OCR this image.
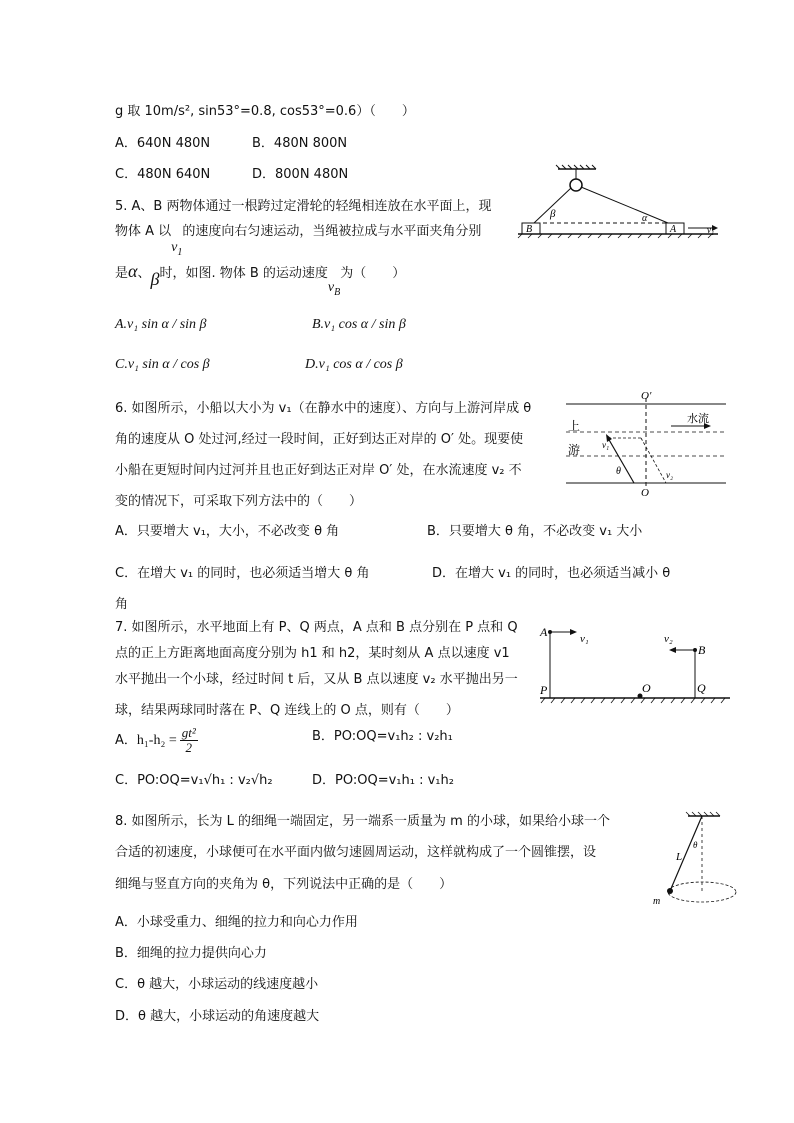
g 取 10m/s², sin53°=0.8, cos53°=0.6）（　　）
A．640N 480N	B．480N 800N
C．480N 640N	D．800N 480N
5. A、B 两物体通过一根跨过定滑轮的轻绳相连放在水平面上，现
物体 A 以$v_1$的速度向右匀速运动，当绳被拉成与水平面夹角分别
是α、β时，如图. 物体 B 的运动速度$v_B$为（　　）
A.v₁ sin α / sin β	B.v₁ cos α / sin β
C.v₁ sin α / cos β	D.v₁ cos α / cos β
B	A
β	α
v₁
6. 如图所示，小船以大小为 v₁（在静水中的速度）、方向与上游河岸成 θ
角的速度从 O 处过河,经过一段时间，正好到达正对岸的 O′ 处。现要使
小船在更短时间内过河并且也正好到达正对岸 O′ 处，在水流速度 v₂ 不
变的情况下，可采取下列方法中的（　　）
A．只要增大 v₁，大小，不必改变 θ 角	B．只要增大 θ 角，不必改变 v₁ 大小
C．在增大 v₁ 的同时，也必须适当增大 θ 角	D．在增大 v₁ 的同时，也必须适当减小 θ
角
O′
水流
上
游 v₁
v₂
θ
O
7. 如图所示，水平地面上有 P、Q 两点，A 点和 B 点分别在 P 点和 Q
点的正上方距离地面高度分别为 h1 和 h2，某时刻从 A 点以速度 v1
水平抛出一个小球，经过时间 t 后，又从 B 点以速度 v₂ 水平抛出另一
球，结果两球同时落在 P、Q 连线上的 O 点，则有（　　）
A．$h_1-h_2 = \frac{\text{gt²}}{2}$	B．PO:OQ=v₁h₂ : v₂h₁
C．PO:OQ=v₁√h₁ : v₂√h₂	D．PO:OQ=v₁h₁ : v₁h₂
A	v₁	v₂
B
P	O	Q
8. 如图所示，长为 L 的细绳一端固定，另一端系一质量为 m 的小球，如果给小球一个
合适的初速度，小球便可在水平面内做匀速圆周运动，这样就构成了一个圆锥摆，设
细绳与竖直方向的夹角为 θ，下列说法中正确的是（　　）
A．小球受重力、细绳的拉力和向心力作用
B．细绳的拉力提供向心力
C．θ 越大，小球运动的线速度越小
D．θ 越大，小球运动的角速度越大
L
θ
m
